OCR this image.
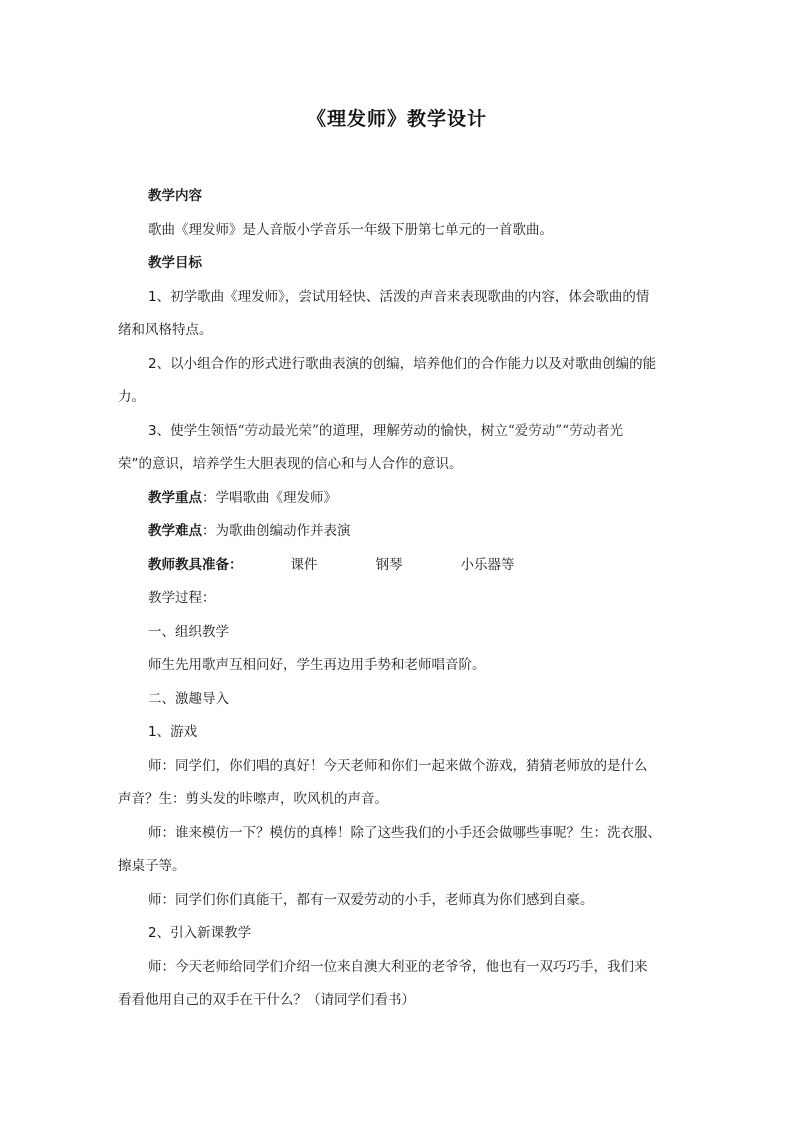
《理发师》教学设计

教学内容

歌曲《理发师》是人音版小学音乐一年级下册第七单元的一首歌曲。

教学目标

1、初学歌曲《理发师》，尝试用轻快、活泼的声音来表现歌曲的内容，体会歌曲的情

绪和风格特点。

2、以小组合作的形式进行歌曲表演的创编，培养他们的合作能力以及对歌曲创编的能

力。

3、使学生领悟“劳动最光荣”的道理，理解劳动的愉快，树立“爱劳动”“劳动者光

荣”的意识，培养学生大胆表现的信心和与人合作的意识。

教学重点：学唱歌曲《理发师》

教学难点：为歌曲创编动作并表演

教师教具准备：	课件	钢琴	小乐器等

教学过程：

一、组织教学

师生先用歌声互相问好，学生再边用手势和老师唱音阶。

二、激趣导入

1、游戏

师：同学们，你们唱的真好！今天老师和你们一起来做个游戏，猜猜老师放的是什么

声音？生：剪头发的咔嚓声，吹风机的声音。

师：谁来模仿一下？模仿的真棒！除了这些我们的小手还会做哪些事呢？生：洗衣服、

擦桌子等。

师：同学们你们真能干，都有一双爱劳动的小手，老师真为你们感到自豪。

2、引入新课教学

师：今天老师给同学们介绍一位来自澳大利亚的老爷爷，他也有一双巧巧手，我们来

看看他用自己的双手在干什么？（请同学们看书）
